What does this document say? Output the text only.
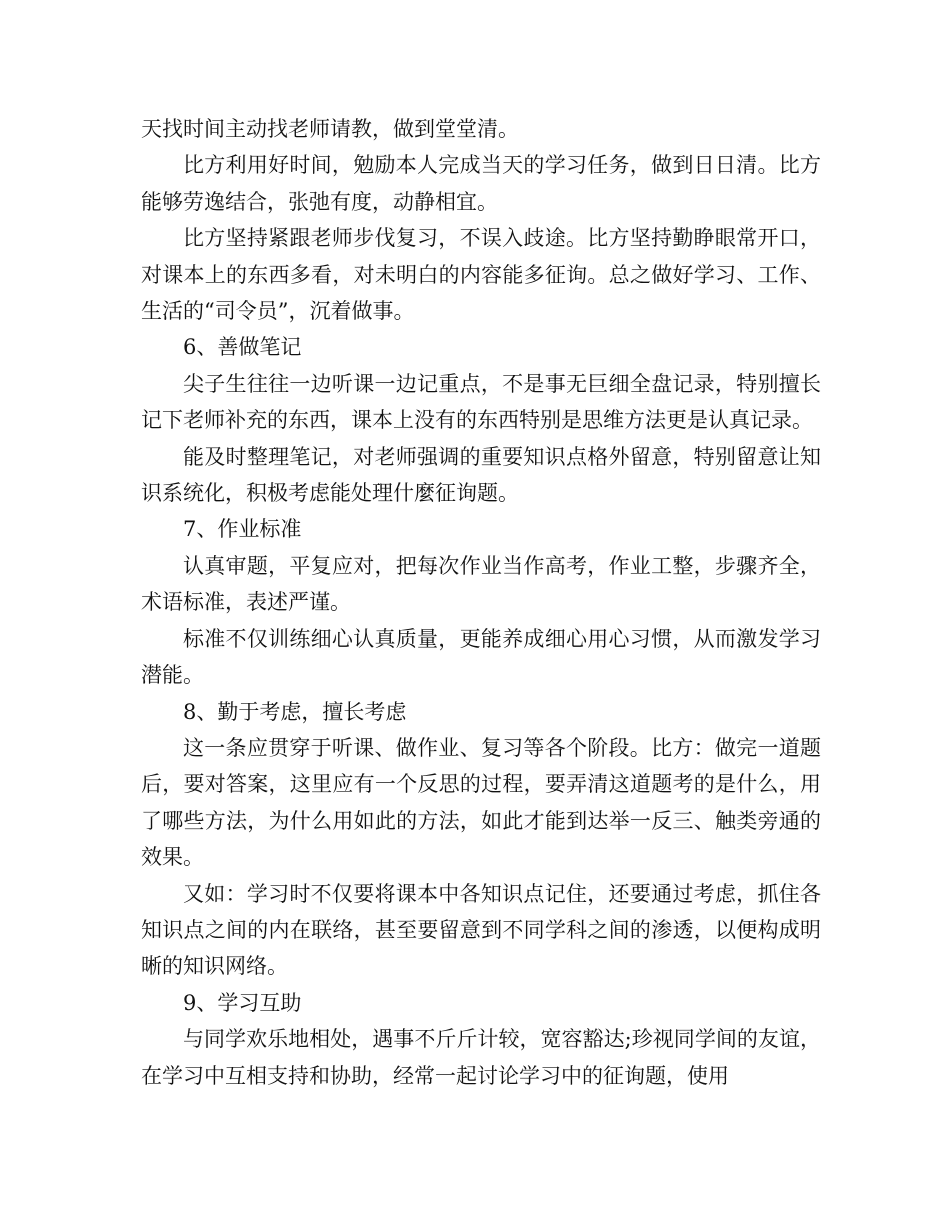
天找时间主动找老师请教，做到堂堂清。

比方利用好时间，勉励本人完成当天的学习任务，做到日日清。比方能够劳逸结合，张弛有度，动静相宜。

比方坚持紧跟老师步伐复习，不误入歧途。比方坚持勤睁眼常开口，对课本上的东西多看，对未明白的内容能多征询。总之做好学习、工作、生活的“司令员”，沉着做事。

6、善做笔记

尖子生往往一边听课一边记重点，不是事无巨细全盘记录，特别擅长记下老师补充的东西，课本上没有的东西特别是思维方法更是认真记录。

能及时整理笔记，对老师强调的重要知识点格外留意，特别留意让知识系统化，积极考虑能处理什麼征询题。

7、作业标准

认真审题，平复应对，把每次作业当作高考，作业工整，步骤齐全，术语标准，表述严谨。

标准不仅训练细心认真质量，更能养成细心用心习惯，从而激发学习潜能。

8、勤于考虑，擅长考虑

这一条应贯穿于听课、做作业、复习等各个阶段。比方：做完一道题后，要对答案，这里应有一个反思的过程，要弄清这道题考的是什么，用了哪些方法，为什么用如此的方法，如此才能到达举一反三、触类旁通的效果。

又如：学习时不仅要将课本中各知识点记住，还要通过考虑，抓住各知识点之间的内在联络，甚至要留意到不同学科之间的渗透，以便构成明晰的知识网络。

9、学习互助

与同学欢乐地相处，遇事不斤斤计较，宽容豁达;珍视同学间的友谊，在学习中互相支持和协助，经常一起讨论学习中的征询题，使用
